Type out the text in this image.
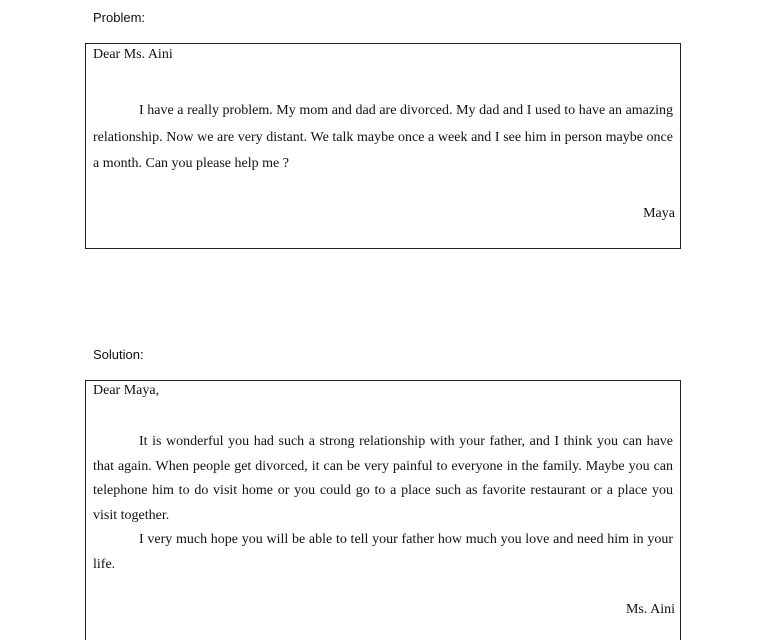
Problem:
Dear Ms. Aini

I have a really problem. My mom and dad are divorced. My dad and I used to have an amazing relationship. Now we are very distant. We talk maybe once a week and I see him in person maybe once a month. Can you please help me ?

Maya
Solution:
Dear Maya,

It is wonderful you had such a strong relationship with your father, and I think you can have that again. When people get divorced, it can be very painful to everyone in the family. Maybe you can telephone him to do visit home or you could go to a place such as favorite restaurant or a place you visit together.

I very much hope you will be able to tell your father how much you love and need him in your life.

Ms. Aini
